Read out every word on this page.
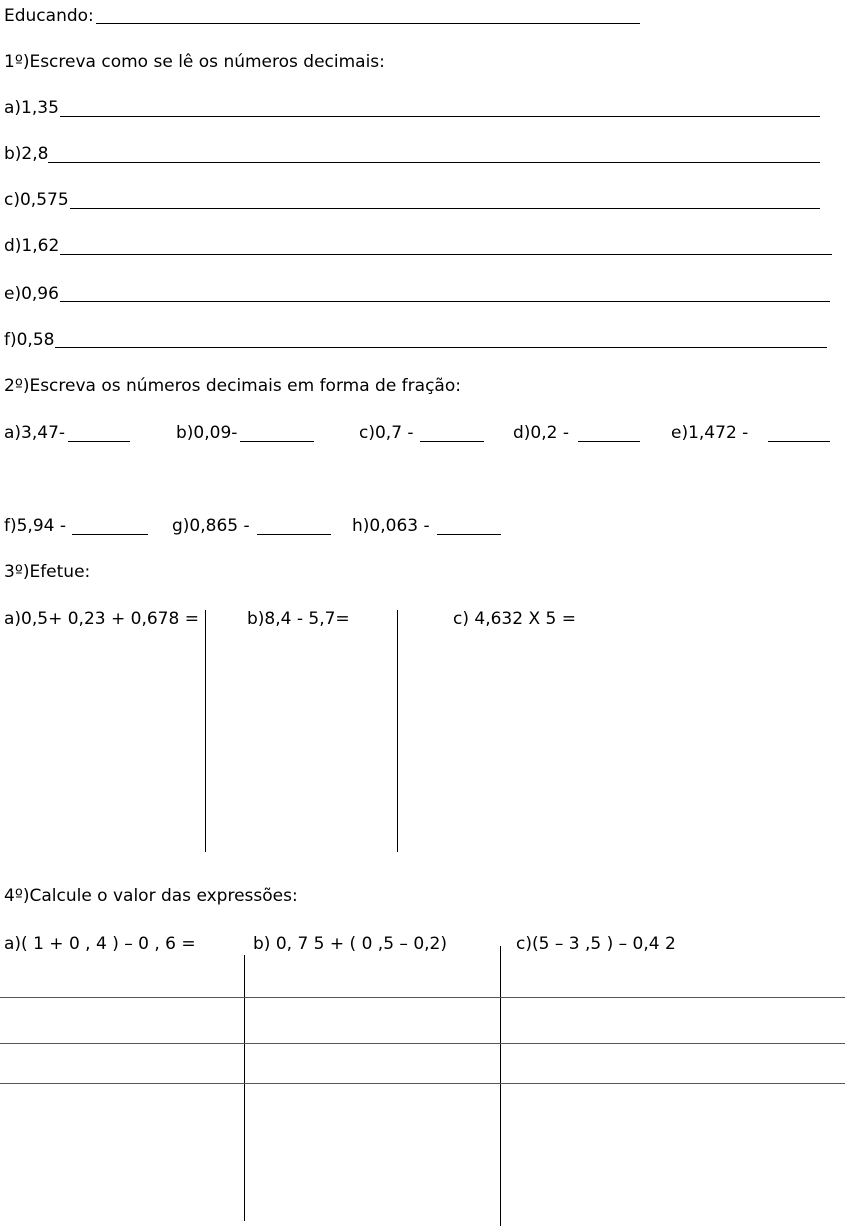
Educando:
1º)Escreva como se lê os números decimais:
a)1,35
b)2,8
c)0,575
d)1,62
e)0,96
f)0,58
2º)Escreva os números decimais em forma de fração:
a)3,47-	b)0,09-	c)0,7 -	d)0,2 -	e)1,472 -
f)5,94 -	g)0,865 -	h)0,063 -
3º)Efetue:
a)0,5+ 0,23 + 0,678 =	b)8,4 - 5,7=	c) 4,632 X 5 =
4º)Calcule o valor das expressões:
a)( 1 + 0 , 4 ) – 0 , 6 =	b) 0, 7 5 + ( 0 ,5 – 0,2)	c)(5 – 3 ,5 ) – 0,4 2
